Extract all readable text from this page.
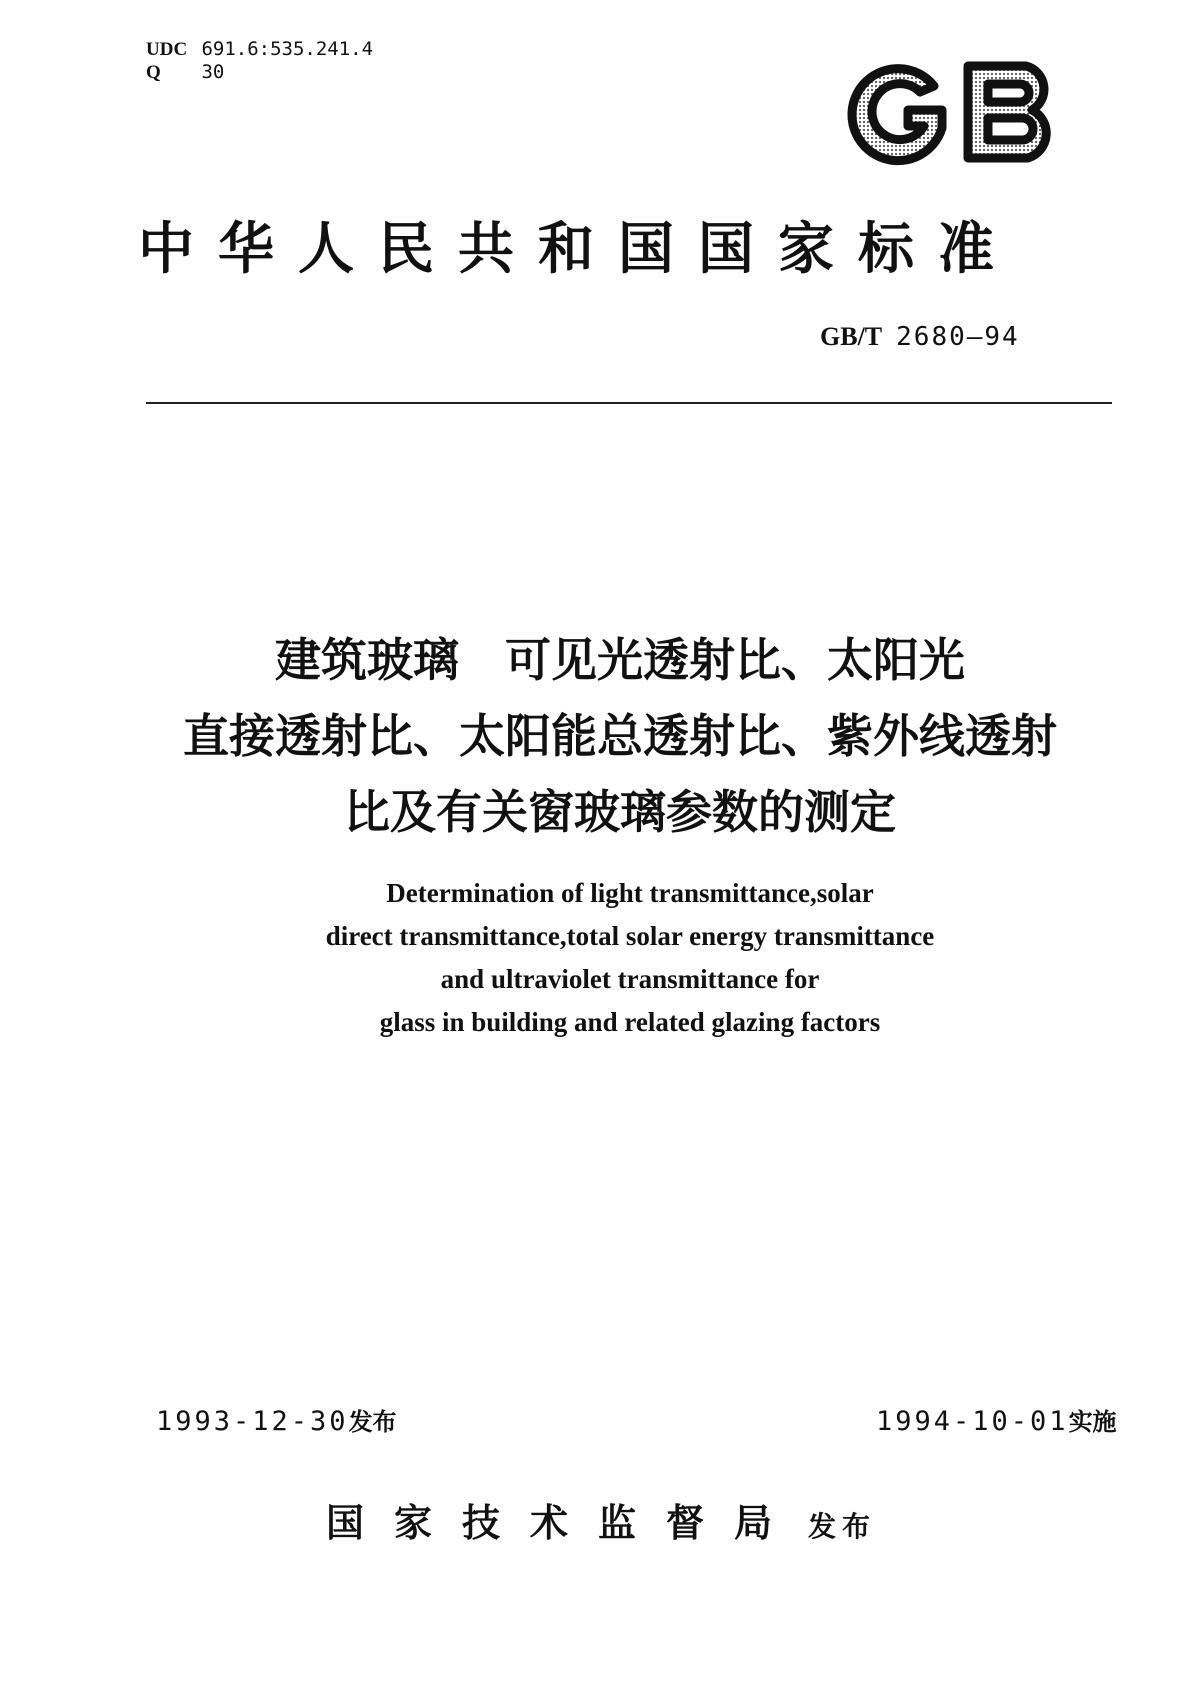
UDC 691.6:535.241.4
Q 30
GB
中华人民共和国国家标准
GB/T 2680—94
建筑玻璃　可见光透射比、太阳光
直接透射比、太阳能总透射比、紫外线透射
比及有关窗玻璃参数的测定
Determination of light transmittance,solar
direct transmittance,total solar energy transmittance
and ultraviolet transmittance for
glass in building and related glazing factors
1993-12-30发布	1994-10-01实施
国家技术监督局 发布
